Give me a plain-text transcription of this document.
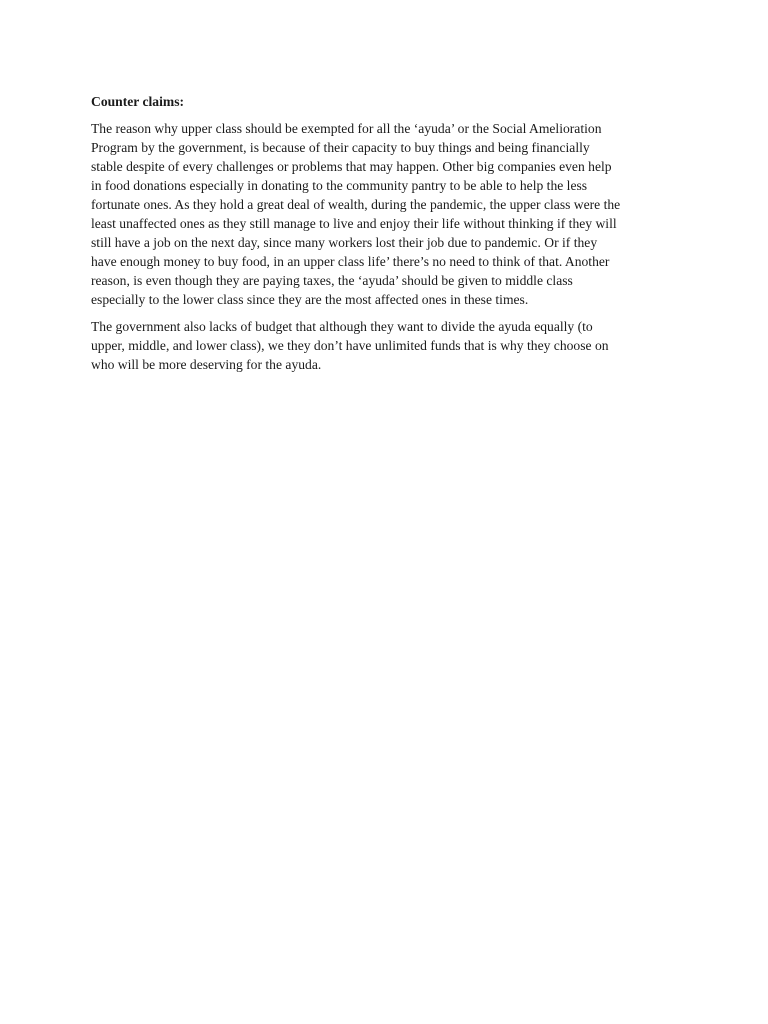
Counter claims:
The reason why upper class should be exempted for all the ‘ayuda’ or the Social Amelioration
Program by the government, is because of their capacity to buy things and being financially
stable despite of every challenges or problems that may happen. Other big companies even help
in food donations especially in donating to the community pantry to be able to help the less
fortunate ones. As they hold a great deal of wealth, during the pandemic, the upper class were the
least unaffected ones as they still manage to live and enjoy their life without thinking if they will
still have a job on the next day, since many workers lost their job due to pandemic. Or if they
have enough money to buy food, in an upper class life’ there’s no need to think of that. Another
reason, is even though they are paying taxes, the ‘ayuda’ should be given to middle class
especially to the lower class since they are the most affected ones in these times.
The government also lacks of budget that although they want to divide the ayuda equally (to
upper, middle, and lower class), we they don’t have unlimited funds that is why they choose on
who will be more deserving for the ayuda.
